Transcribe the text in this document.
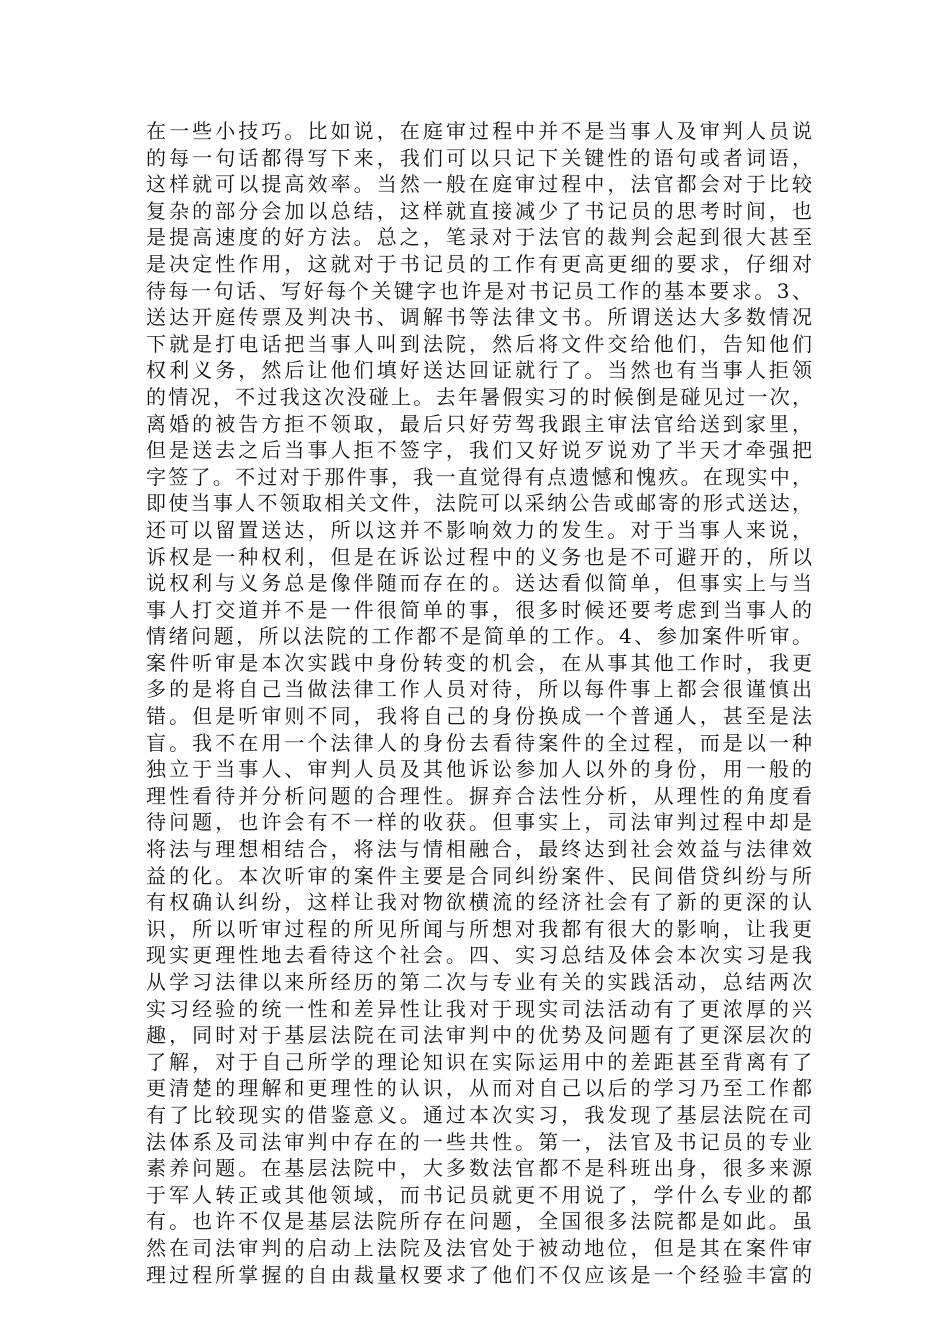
在一些小技巧。比如说，在庭审过程中并不是当事人及审判人员说
的每一句话都得写下来，我们可以只记下关键性的语句或者词语，
这样就可以提高效率。当然一般在庭审过程中，法官都会对于比较
复杂的部分会加以总结，这样就直接减少了书记员的思考时间，也
是提高速度的好方法。总之，笔录对于法官的裁判会起到很大甚至
是决定性作用，这就对于书记员的工作有更高更细的要求，仔细对
待每一句话、写好每个关键字也许是对书记员工作的基本要求。3、
送达开庭传票及判决书、调解书等法律文书。所谓送达大多数情况
下就是打电话把当事人叫到法院，然后将文件交给他们，告知他们
权利义务，然后让他们填好送达回证就行了。当然也有当事人拒领
的情况，不过我这次没碰上。去年暑假实习的时候倒是碰见过一次，
离婚的被告方拒不领取，最后只好劳驾我跟主审法官给送到家里，
但是送去之后当事人拒不签字，我们又好说歹说劝了半天才牵强把
字签了。不过对于那件事，我一直觉得有点遗憾和愧疚。在现实中，
即使当事人不领取相关文件，法院可以采纳公告或邮寄的形式送达，
还可以留置送达，所以这并不影响效力的发生。对于当事人来说，
诉权是一种权利，但是在诉讼过程中的义务也是不可避开的，所以
说权利与义务总是像伴随而存在的。送达看似简单，但事实上与当
事人打交道并不是一件很简单的事，很多时候还要考虑到当事人的
情绪问题，所以法院的工作都不是简单的工作。4、参加案件听审。
案件听审是本次实践中身份转变的机会，在从事其他工作时，我更
多的是将自己当做法律工作人员对待，所以每件事上都会很谨慎出
错。但是听审则不同，我将自己的身份换成一个普通人，甚至是法
盲。我不在用一个法律人的身份去看待案件的全过程，而是以一种
独立于当事人、审判人员及其他诉讼参加人以外的身份，用一般的
理性看待并分析问题的合理性。摒弃合法性分析，从理性的角度看
待问题，也许会有不一样的收获。但事实上，司法审判过程中却是
将法与理想相结合，将法与情相融合，最终达到社会效益与法律效
益的化。本次听审的案件主要是合同纠纷案件、民间借贷纠纷与所
有权确认纠纷，这样让我对物欲横流的经济社会有了新的更深的认
识，所以听审过程的所见所闻与所想对我都有很大的影响，让我更
现实更理性地去看待这个社会。四、实习总结及体会本次实习是我
从学习法律以来所经历的第二次与专业有关的实践活动，总结两次
实习经验的统一性和差异性让我对于现实司法活动有了更浓厚的兴
趣，同时对于基层法院在司法审判中的优势及问题有了更深层次的
了解，对于自己所学的理论知识在实际运用中的差距甚至背离有了
更清楚的理解和更理性的认识，从而对自己以后的学习乃至工作都
有了比较现实的借鉴意义。通过本次实习，我发现了基层法院在司
法体系及司法审判中存在的一些共性。第一，法官及书记员的专业
素养问题。在基层法院中，大多数法官都不是科班出身，很多来源
于军人转正或其他领域，而书记员就更不用说了，学什么专业的都
有。也许不仅是基层法院所存在问题，全国很多法院都是如此。虽
然在司法审判的启动上法院及法官处于被动地位，但是其在案件审
理过程所掌握的自由裁量权要求了他们不仅应该是一个经验丰富的
